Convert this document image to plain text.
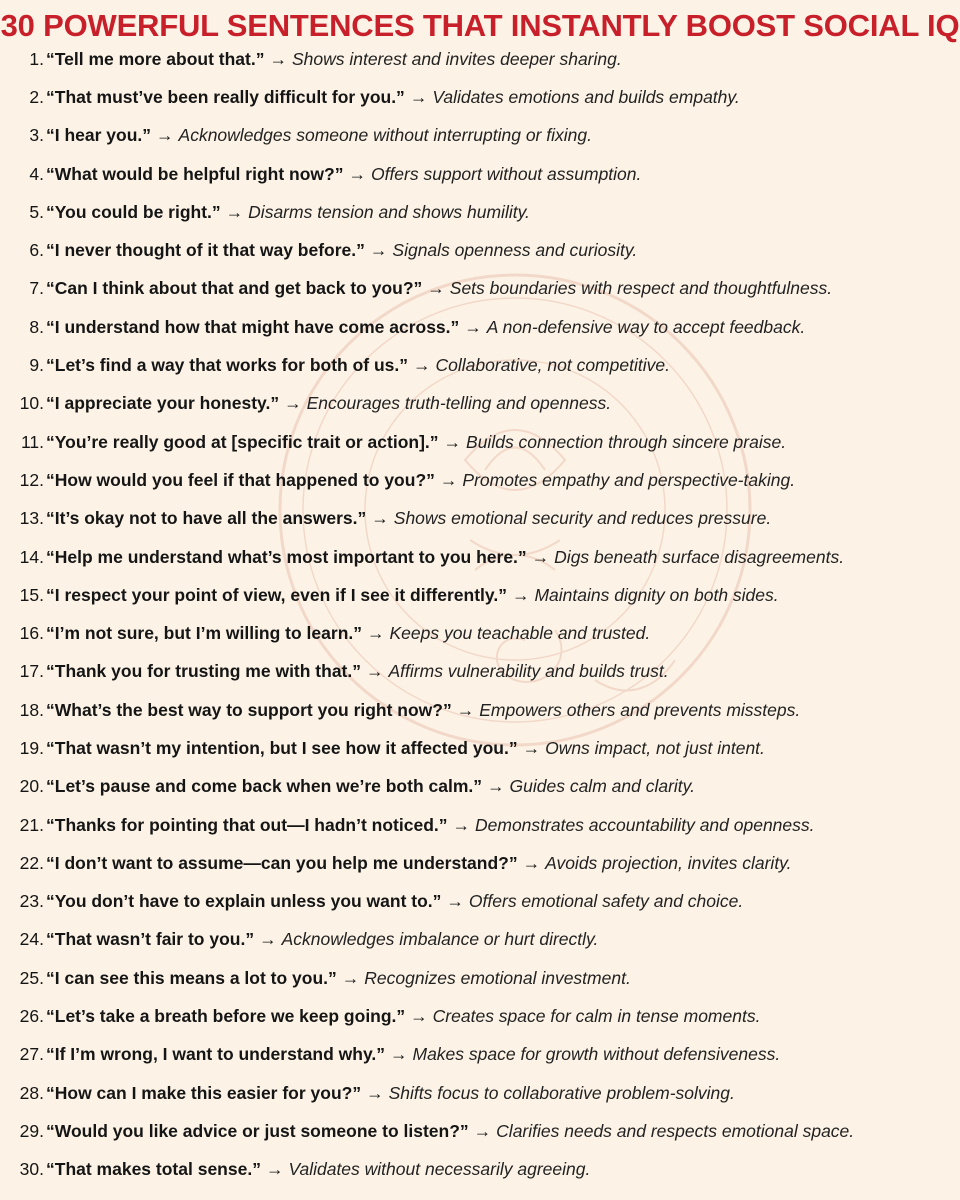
30 POWERFUL SENTENCES THAT INSTANTLY BOOST SOCIAL IQ
1. “Tell me more about that.” → Shows interest and invites deeper sharing.
2. “That must’ve been really difficult for you.” → Validates emotions and builds empathy.
3. “I hear you.” → Acknowledges someone without interrupting or fixing.
4. “What would be helpful right now?” → Offers support without assumption.
5. “You could be right.” → Disarms tension and shows humility.
6. “I never thought of it that way before.” → Signals openness and curiosity.
7. “Can I think about that and get back to you?” → Sets boundaries with respect and thoughtfulness.
8. “I understand how that might have come across.” → A non-defensive way to accept feedback.
9. “Let’s find a way that works for both of us.” → Collaborative, not competitive.
10. “I appreciate your honesty.” → Encourages truth-telling and openness.
11. “You’re really good at [specific trait or action].” → Builds connection through sincere praise.
12. “How would you feel if that happened to you?” → Promotes empathy and perspective-taking.
13. “It’s okay not to have all the answers.” → Shows emotional security and reduces pressure.
14. “Help me understand what’s most important to you here.” → Digs beneath surface disagreements.
15. “I respect your point of view, even if I see it differently.” → Maintains dignity on both sides.
16. “I’m not sure, but I’m willing to learn.” → Keeps you teachable and trusted.
17. “Thank you for trusting me with that.” → Affirms vulnerability and builds trust.
18. “What’s the best way to support you right now?” → Empowers others and prevents missteps.
19. “That wasn’t my intention, but I see how it affected you.” → Owns impact, not just intent.
20. “Let’s pause and come back when we’re both calm.” → Guides calm and clarity.
21. “Thanks for pointing that out—I hadn’t noticed.” → Demonstrates accountability and openness.
22. “I don’t want to assume—can you help me understand?” → Avoids projection, invites clarity.
23. “You don’t have to explain unless you want to.” → Offers emotional safety and choice.
24. “That wasn’t fair to you.” → Acknowledges imbalance or hurt directly.
25. “I can see this means a lot to you.” → Recognizes emotional investment.
26. “Let’s take a breath before we keep going.” → Creates space for calm in tense moments.
27. “If I’m wrong, I want to understand why.” → Makes space for growth without defensiveness.
28. “How can I make this easier for you?” → Shifts focus to collaborative problem-solving.
29. “Would you like advice or just someone to listen?” → Clarifies needs and respects emotional space.
30. “That makes total sense.” → Validates without necessarily agreeing.
